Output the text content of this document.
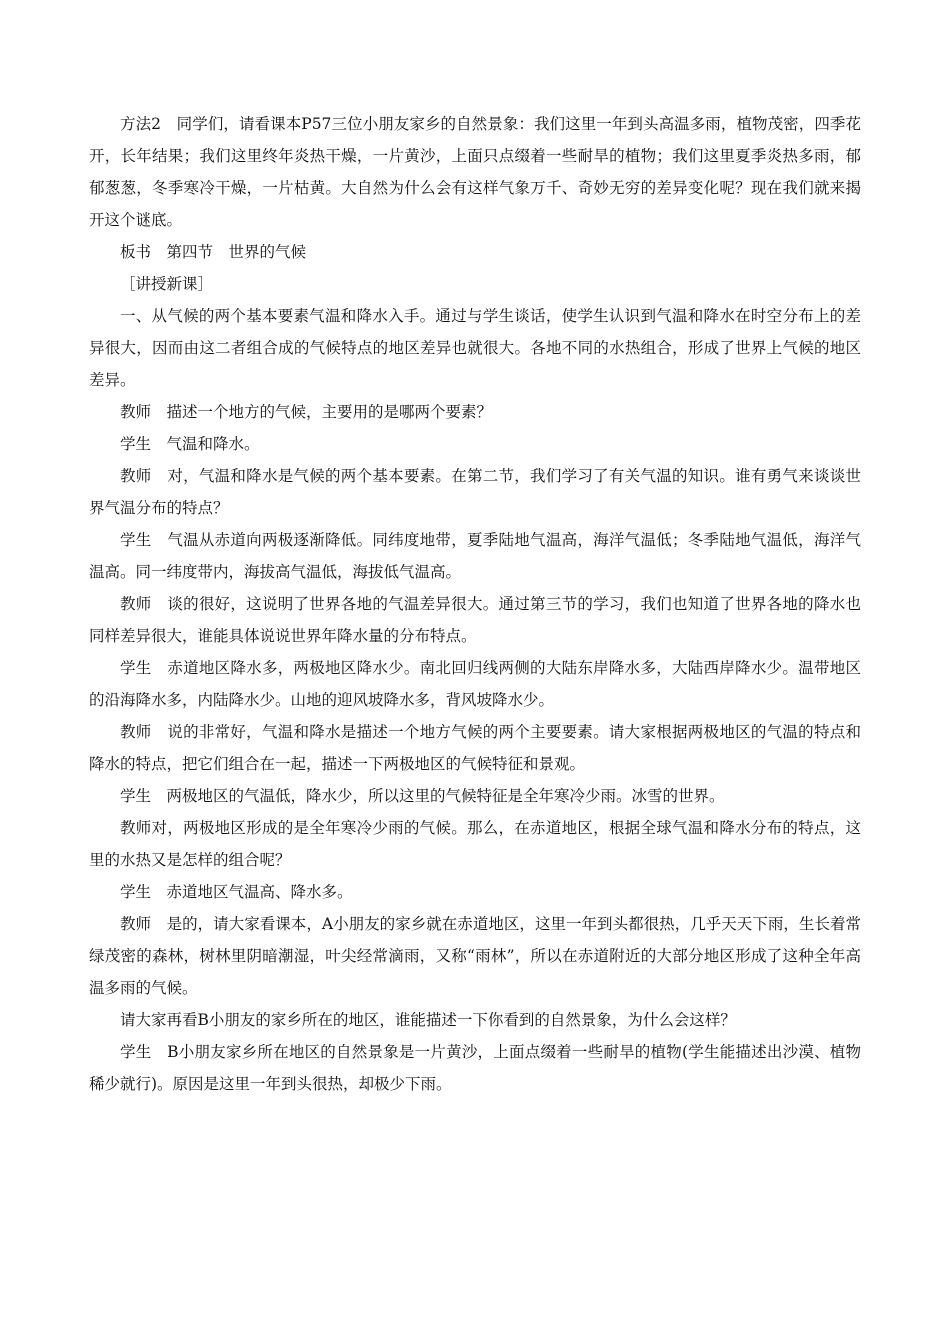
方法2　同学们，请看课本P57三位小朋友家乡的自然景象：我们这里一年到头高温多雨，植物茂密，四季花开，长年结果；我们这里终年炎热干燥，一片黄沙，上面只点缀着一些耐旱的植物；我们这里夏季炎热多雨，郁郁葱葱，冬季寒冷干燥，一片枯黄。大自然为什么会有这样气象万千、奇妙无穷的差异变化呢？现在我们就来揭开这个谜底。

板书　第四节　世界的气候

［讲授新课］

一、从气候的两个基本要素气温和降水入手。通过与学生谈话，使学生认识到气温和降水在时空分布上的差异很大，因而由这二者组合成的气候特点的地区差异也就很大。各地不同的水热组合，形成了世界上气候的地区差异。

教师　描述一个地方的气候，主要用的是哪两个要素？

学生　气温和降水。

教师　对，气温和降水是气候的两个基本要素。在第二节，我们学习了有关气温的知识。谁有勇气来谈谈世界气温分布的特点？

学生　气温从赤道向两极逐渐降低。同纬度地带，夏季陆地气温高，海洋气温低；冬季陆地气温低，海洋气温高。同一纬度带内，海拔高气温低，海拔低气温高。

教师　谈的很好，这说明了世界各地的气温差异很大。通过第三节的学习，我们也知道了世界各地的降水也同样差异很大，谁能具体说说世界年降水量的分布特点。

学生　赤道地区降水多，两极地区降水少。南北回归线两侧的大陆东岸降水多，大陆西岸降水少。温带地区的沿海降水多，内陆降水少。山地的迎风坡降水多，背风坡降水少。

教师　说的非常好，气温和降水是描述一个地方气候的两个主要要素。请大家根据两极地区的气温的特点和降水的特点，把它们组合在一起，描述一下两极地区的气候特征和景观。

学生　两极地区的气温低，降水少，所以这里的气候特征是全年寒冷少雨。冰雪的世界。

教师对，两极地区形成的是全年寒冷少雨的气候。那么，在赤道地区，根据全球气温和降水分布的特点，这里的水热又是怎样的组合呢？

学生　赤道地区气温高、降水多。

教师　是的，请大家看课本，A小朋友的家乡就在赤道地区，这里一年到头都很热，几乎天天下雨，生长着常绿茂密的森林，树林里阴暗潮湿，叶尖经常滴雨，又称“雨林”，所以在赤道附近的大部分地区形成了这种全年高温多雨的气候。

请大家再看B小朋友的家乡所在的地区，谁能描述一下你看到的自然景象，为什么会这样？

学生　B小朋友家乡所在地区的自然景象是一片黄沙，上面点缀着一些耐旱的植物(学生能描述出沙漠、植物稀少就行)。原因是这里一年到头很热，却极少下雨。
